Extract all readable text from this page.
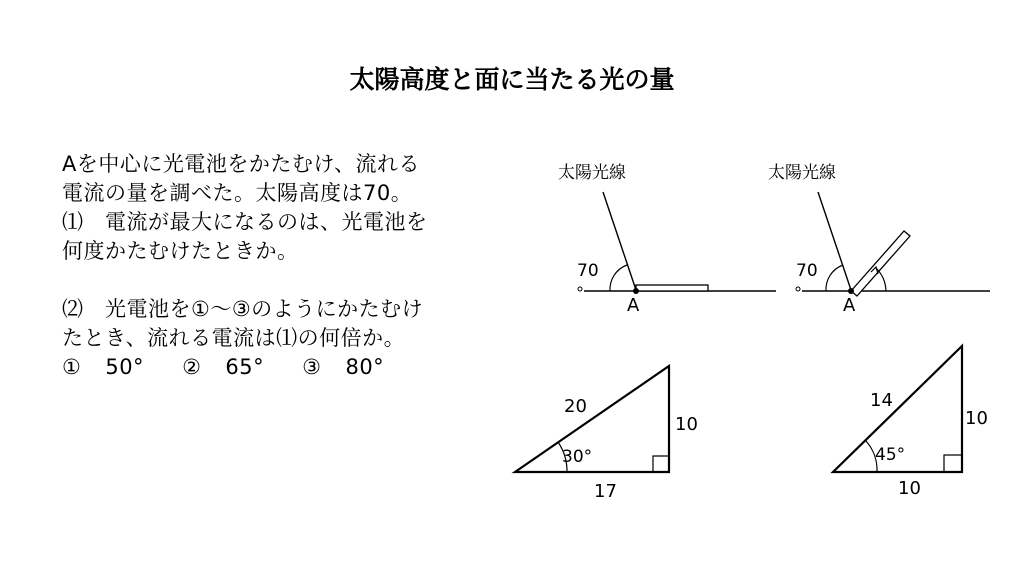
太陽高度と面に当たる光の量
Aを中心に光電池をかたむけ、流れる
電流の量を調べた。太陽高度は70。
⑴　電流が最大になるのは、光電池を
何度かたむけたときか。
⑵　光電池を①〜③のようにかたむけ
たとき、流れる電流は⑴の何倍か。
① 50° ② 65° ③ 80°
太陽光線
70
A
太陽光線
70
A
20
10
17
30°
14
10
10
45°
